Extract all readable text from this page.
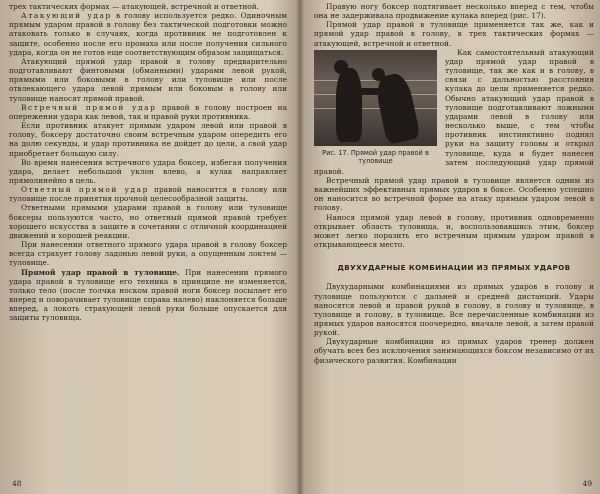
трех тактических формах — атакующей, встречной и ответной.

Атакующий удар в голову используется редко. Одиночным прямым ударом правой в голову без тактической подготовки можно атаковать только в случаях, когда противник не подготовлен к защите, особенно после его промаха или после получения сильного удара, когда он не готов еще соответствующим образом защищаться.

Атакующий прямой удар правой в голову предварительно подготавливают финтовыми (обманными) ударами левой рукой, прямыми или боковыми в голову или туловище или после отвлекающего удара левой прямым или боковым в голову или туловище наносят прямой правой.

Встречный прямой удар правой в голову построен на опережении удара как левой, так и правой руки противника.

Если противник атакует прямым ударом левой или правой в голову, боксеру достаточно своим встречным ударом опередить его на долю секунды, и удар противника не дойдет до цели, а свой удар приобретает большую силу.

Во время нанесения встречного удара боксер, избегая получения удара, делает небольшой уклон влево, а кулак направляет прямолинейно в цель.

Ответный прямой удар правой наносится в голову или туловище после принятия прочной целесообразной защиты.

Ответными прямыми ударами правой в голову или туловище боксеры пользуются часто, но ответный прямой правой требует хорошего искусства в защите в сочетании с отличной координацией движений и хорошей реакции.

При нанесении ответного прямого удара правой в голову боксер всегда страхует голову ладонью левой руки, а опущенным локтем — туловище.

Прямой удар правой в туловище. При нанесении прямого удара правой в туловище его техника в принципе не изменяется, только тело (после толчка носком правой ноги боксер посылает его вперед и поворачивает туловище справа налево) наклоняется больше вперед, а локоть страхующей левой руки больше опускается для защиты туловища.

48

Правую ногу боксер подтягивает несколько вперед с тем, чтобы она не задерживала продвижение кулака вперед (рис. 17).

Прямой удар правой в туловище применяется так же, как и прямой удар правой в голову, в трех тактических формах — атакующей, встречной и ответной.

Рис. 17. Прямой удар правой в туловище

Как самостоятельный атакующий удар прямой удар правой в туловище, так же как и в голову, в связи с дальностью расстояния кулака до цели применяется редко. Обычно атакующий удар правой в туловище подготавливают ложными ударами левой в голову или несколько выше, с тем чтобы противник инстинктивно поднял руки на защиту головы и открыл туловище, куда и будет нанесен затем последующий удар прямой правой.

Встречный прямой удар правой в туловище является одним из важнейших эффективных прямых ударов в боксе. Особенно успешно он наносится во встречной форме на атаку прямым ударом левой в голову.

Нанося прямой удар левой в голову, противник одновременно открывает область туловища, и, воспользовавшись этим, боксер может легко поразить его встречным прямым ударом правой в открывающееся место.

ДВУХУДАРНЫЕ КОМБИНАЦИИ ИЗ ПРЯМЫХ УДАРОВ

Двухударными комбинациями из прямых ударов в голову и туловище пользуются с дальней и средней дистанций. Удары наносятся левой и правой рукой в голову, в голову и туловище, в туловище и голову, в туловище. Все перечисленные комбинации из прямых ударов наносятся поочередно, вначале левой, а затем правой рукой.

Двухударные комбинации из прямых ударов тренер должен обучать всех без исключения занимающихся боксом независимо от их физического развития. Комбинации

49
